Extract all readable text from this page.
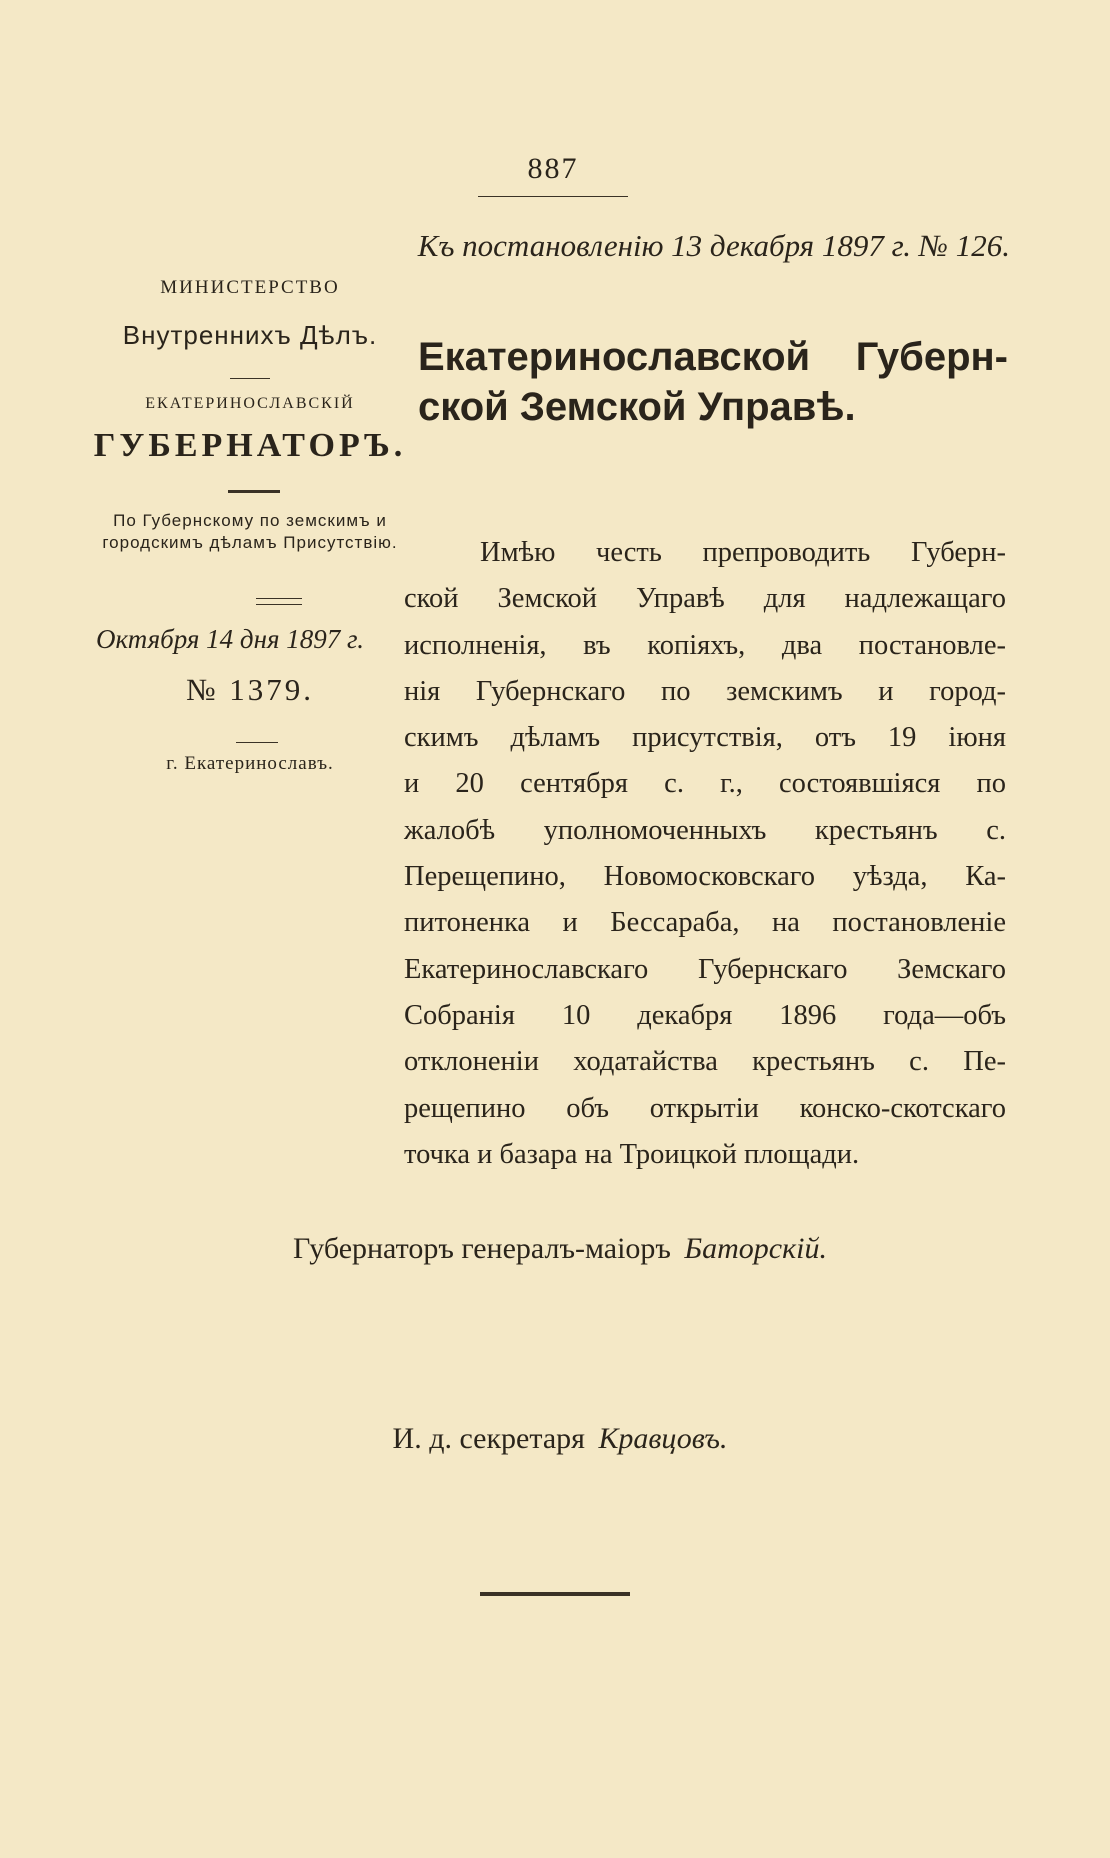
887
Къ постановленію 13 декабря 1897 г. № 126.
МИНИСТЕРСТВО
Внутреннихъ Дѣлъ.
ЕКАТЕРИНОСЛАВСКІЙ
ГУБЕРНАТОРЪ.
По Губернскому по земскимъ и городскимъ дѣламъ Присутствію.
Октября 14 дня 1897 г.
№ 1379.
г. Екатеринославъ.
Екатеринославской Губерн-
ской Земской Управѣ.
Имѣю честь препроводить Губерн-
ской Земской Управѣ для надлежащаго
исполненія, въ копіяхъ, два постановле-
нія Губернскаго по земскимъ и город-
скимъ дѣламъ присутствія, отъ 19 іюня
и 20 сентября с. г., состоявшіяся по
жалобѣ уполномоченныхъ крестьянъ с.
Перещепино, Новомосковскаго уѣзда, Ка-
питоненка и Бессараба, на постановленіе
Екатеринославскаго Губернскаго Земскаго
Собранія 10 декабря 1896 года—объ
отклоненіи ходатайства крестьянъ с. Пе-
рещепино объ открытіи конско-скотскаго
точка и базара на Троицкой площади.
Губернаторъ генералъ-маіоръ Баторскій.
И. д. секретаря Кравцовъ.
